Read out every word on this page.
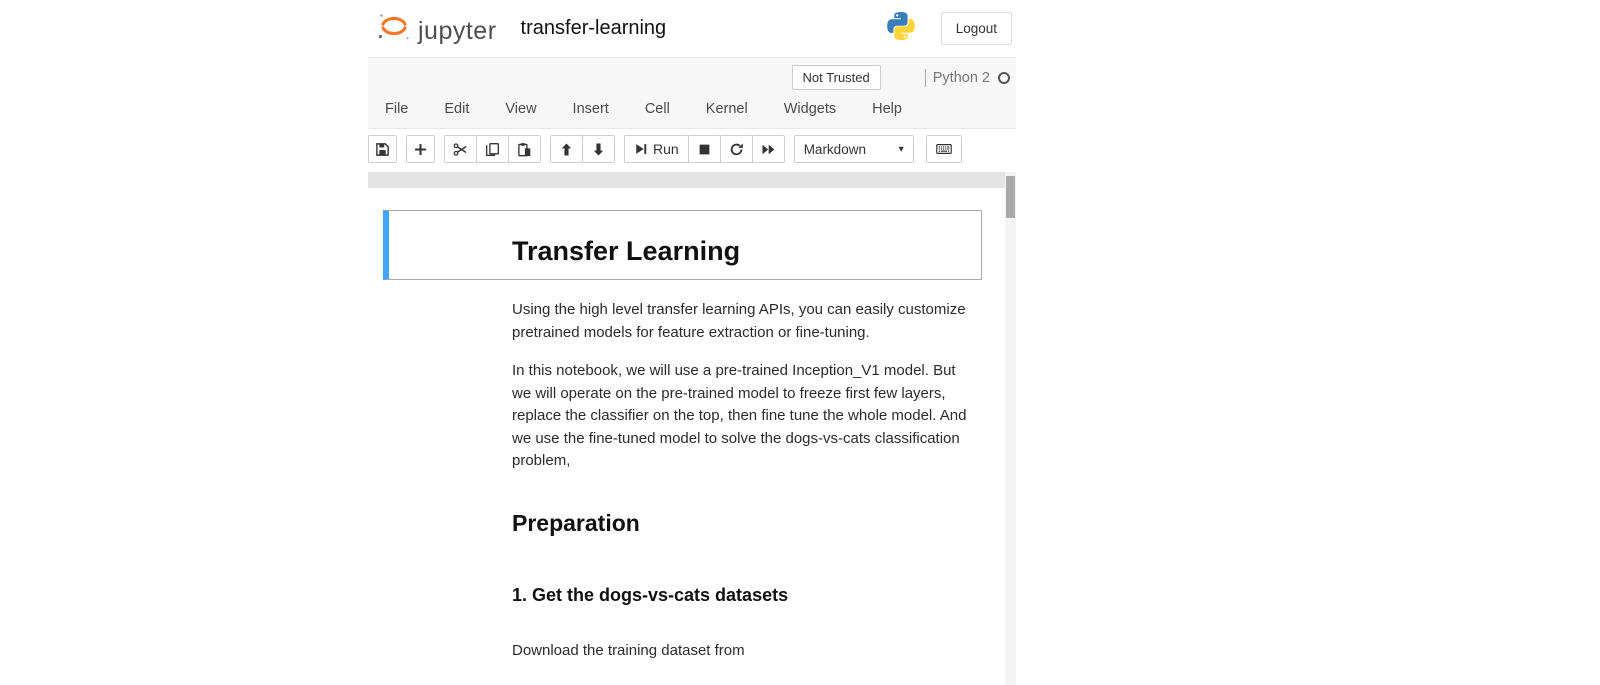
jupyter transfer-learning	Logout
Not Trusted	Python 2
File	Edit	View	Insert	Cell	Kernel	Widgets	Help
Run	Markdown	▾
Transfer Learning

Using the high level transfer learning APIs, you can easily customize pretrained models for feature extraction or fine-tuning.

In this notebook, we will use a pre-trained Inception_V1 model. But we will operate on the pre-trained model to freeze first few layers, replace the classifier on the top, then fine tune the whole model. And we use the fine-tuned model to solve the dogs-vs-cats classification problem,

Preparation
1. Get the dogs-vs-cats datasets

Download the training dataset from
